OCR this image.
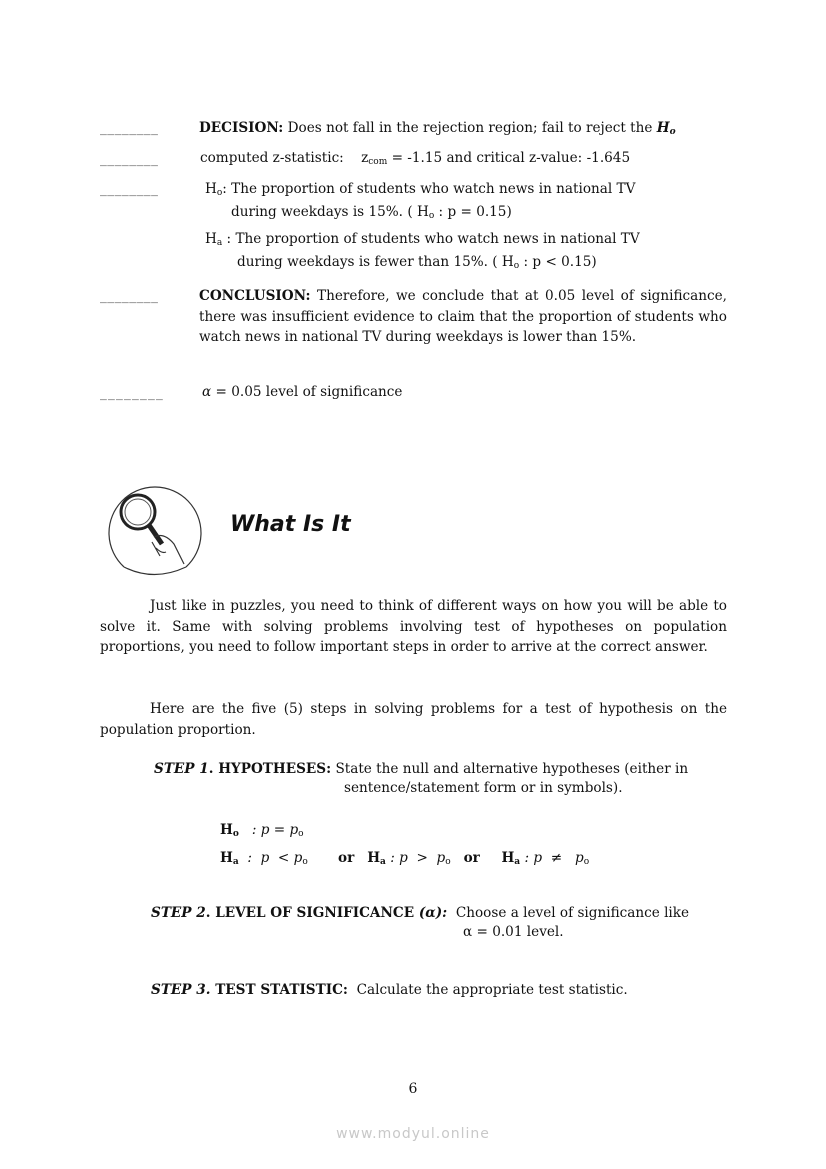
________	DECISION: Does not fall in the rejection region; fail to reject the $H_o$
________	computed z-statistic: $z_{com} = -1.15$ and critical z-value: -1.645
________	$H_o$: The proportion of students who watch news in national TV
during weekdays is 15%. ( $H_o$ : p = 0.15)
$H_a$ : The proportion of students who watch news in national TV
during weekdays is fewer than 15%. ( $H_o$ : p < 0.15)
________	CONCLUSION: Therefore, we conclude that at 0.05 level of significance, there was insufficient evidence to claim that the proportion of students who watch news in national TV during weekdays is lower than 15%.
________	α = 0.05 level of significance
What Is It
Just like in puzzles, you need to think of different ways on how you will be able to solve it. Same with solving problems involving test of hypotheses on population proportions, you need to follow important steps in order to arrive at the correct answer.
Here are the five (5) steps in solving problems for a test of hypothesis on the population proportion.
STEP 1. HYPOTHESES: State the null and alternative hypotheses (either in
sentence/statement form or in symbols).
$H_o$ : $p = p_o$
$H_a$ :  $p < p_o$ or $H_a$ : $p > p_o$ or $H_a$ : $p \ne p_o$
STEP 2. LEVEL OF SIGNIFICANCE (α): Choose a level of significance like
α = 0.01 level.
STEP 3. TEST STATISTIC: Calculate the appropriate test statistic.
6
www.modyul.online
